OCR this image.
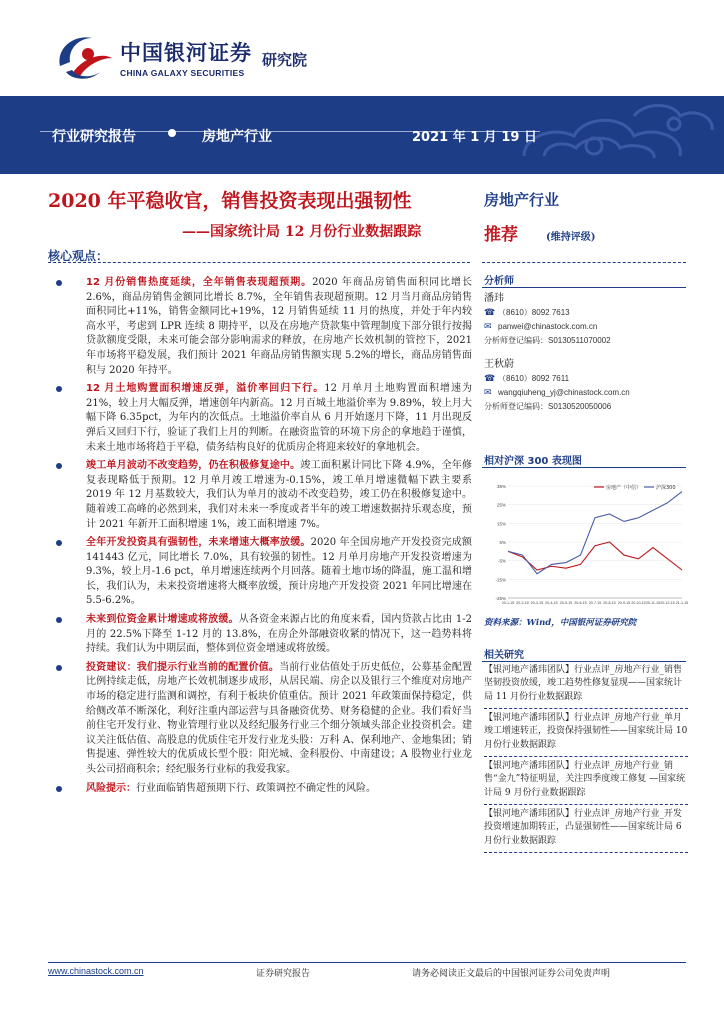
中国银河证券
CHINA GALAXY SECURITIES
研究院
行业研究报告	房地产行业	2021 年 1 月 19 日
2020 年平稳收官，销售投资表现出强韧性
——国家统计局 12 月份行业数据跟踪
房地产行业
推荐	(维持评级)
核心观点：
12 月份销售热度延续，全年销售表现超预期。2020 年商品房销售面积同比增长 2.6%，商品房销售金额同比增长 8.7%，全年销售表现超预期。12 月当月商品房销售面积同比+11%，销售金额同比+19%，12 月销售延续 11 月的热度，并处于年内较高水平，考虑到 LPR 连续 8 期持平，以及在房地产贷款集中管理制度下部分银行按揭贷款额度受限，未来可能会部分影响需求的释放，在房地产长效机制的管控下，2021 年市场将平稳发展，我们预计 2021 年商品房销售额实现 5.2%的增长，商品房销售面积与 2020 年持平。
12 月土地购置面积增速反弹，溢价率回归下行。12 月单月土地购置面积增速为 21%，较上月大幅反弹，增速创年内新高。12 月百城土地溢价率为 9.89%，较上月大幅下降 6.35pct，为年内的次低点。土地溢价率自从 6 月开始逐月下降，11 月出现反弹后又回归下行，验证了我们上月的判断。在融资监管的环境下房企的拿地趋于谨慎，未来土地市场将趋于平稳，债务结构良好的优质房企将迎来较好的拿地机会。
竣工单月波动不改变趋势，仍在积极修复途中。竣工面积累计同比下降 4.9%，全年修复表现略低于预期。12 月单月竣工增速为-0.15%，竣工单月增速微幅下跌主要系 2019 年 12 月基数较大，我们认为单月的波动不改变趋势，竣工仍在积极修复途中。随着竣工高峰的必然到来，我们对未来一季度或者半年的竣工增速数据持乐观态度，预计 2021 年新开工面积增速 1%，竣工面积增速 7%。
全年开发投资具有强韧性，未来增速大概率放缓。2020 年全国房地产开发投资完成额 141443 亿元，同比增长 7.0%，具有较强的韧性。12 月单月房地产开发投资增速为 9.3%，较上月-1.6 pct，单月增速连续两个月回落。随着土地市场的降温，施工温和增长，我们认为，未来投资增速将大概率放缓，预计房地产开发投资 2021 年同比增速在 5.5-6.2%。
未来到位资金累计增速或将放缓。从各资金来源占比的角度来看，国内贷款占比由 1-2 月的 22.5%下降至 1-12 月的 13.8%，在房企外部融资收紧的情况下，这一趋势料将持续。我们认为中期层面，整体到位资金增速或将放缓。
投资建议：我们提示行业当前的配置价值。当前行业估值处于历史低位，公募基金配置比例持续走低，房地产长效机制逐步成形，从居民端、房企以及银行三个维度对房地产市场的稳定进行监测和调控，有利于板块价值重估。预计 2021 年政策面保持稳定，供给侧改革不断深化，利好注重内部运营与具备融资优势、财务稳健的企业。我们看好当前住宅开发行业、物业管理行业以及经纪服务行业三个细分领域头部企业投资机会。建议关注低估值、高股息的优质住宅开发行业龙头股：万科 A、保利地产、金地集团；销售提速、弹性较大的优质成长型个股：阳光城、金科股份、中南建设；A 股物业行业龙头公司招商积余；经纪服务行业标的我爱我家。
风险提示：行业面临销售超预期下行、政策调控不确定性的风险。
分析师
潘玮
☎ （8610）8092 7613
✉ panwei@chinastock.com.cn
分析师登记编码：S0130511070002
王秋蔚
☎ （8610）8092 7611
✉ wangqiuheng_yj@chinastock.com.cn
分析师登记编码：S0130520050006
相对沪深 300 表现图
35%
25%
15%
5%
-5%
-15%
-25%
20-1-15 20-2-15 20-3-15 20-4-15 20-5-15 20-6-15 20-7-15 20-8-15 20-9-15 20-10-15 20-11-15 20-12-15 21-1-15
房地产（中信）	沪深300
资料来源：Wind，中国银河证券研究院
相关研究
【银河地产潘玮团队】行业点评_房地产行业_销售坚韧投资放缓，竣工趋势性修复显现——国家统计局 11 月份行业数据跟踪
【银河地产潘玮团队】行业点评_房地产行业_单月竣工增速转正，投资保持强韧性——国家统计局 10 月份行业数据跟踪
【银河地产潘玮团队】行业点评_房地产行业_销售“金九”特征明显，关注四季度竣工修复 —国家统计局 9 月份行业数据跟踪
【银河地产潘玮团队】行业点评_房地产行业_开发投资增速加期转正，凸显强韧性——国家统计局 6 月份行业数据跟踪
www.chinastock.com.cn	证券研究报告	请务必阅读正文最后的中国银河证券公司免责声明
